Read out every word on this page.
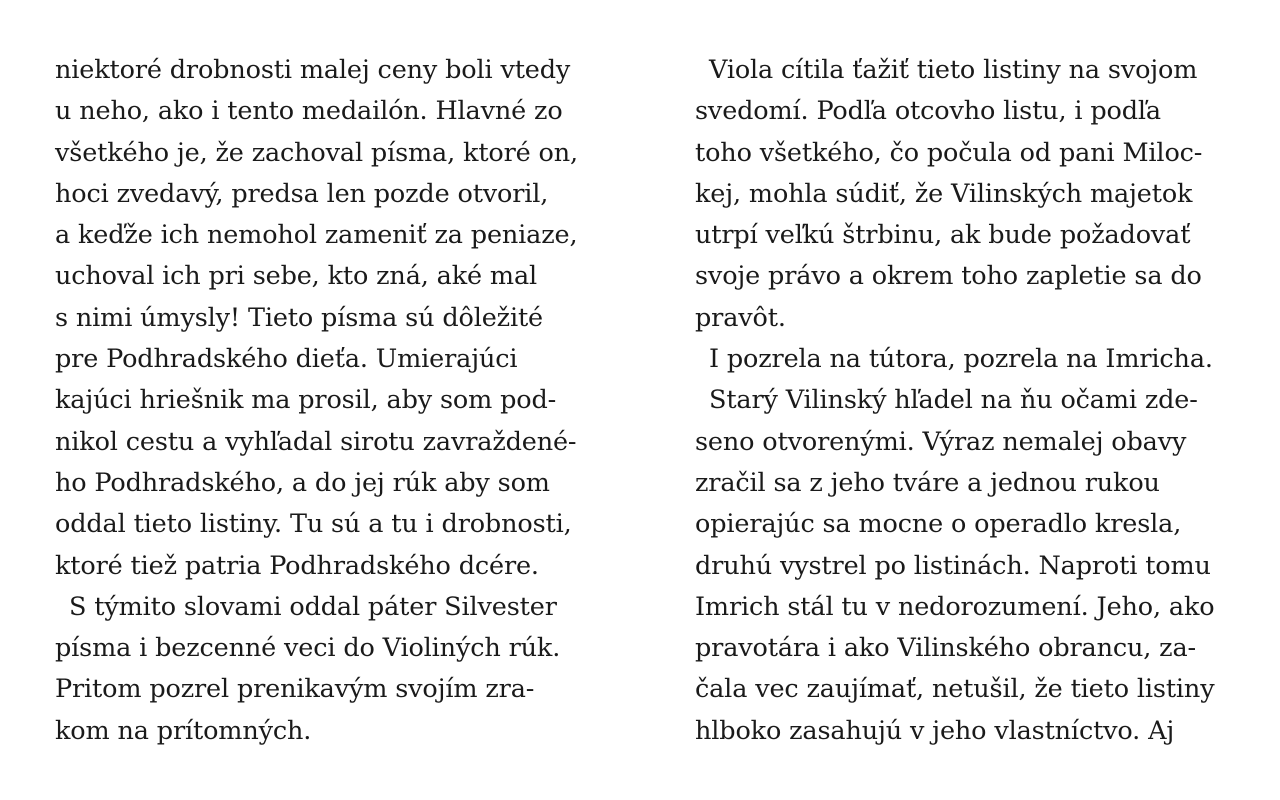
niektoré drobnosti malej ceny boli vtedy
u neho, ako i tento medailón. Hlavné zo
všetkého je, že zachoval písma, ktoré on,
hoci zvedavý, predsa len pozde otvoril,
a keďže ich nemohol zameniť za peniaze,
uchoval ich pri sebe, kto zná, aké mal
s nimi úmysly! Tieto písma sú dôležité
pre Podhradského dieťa. Umierajúci
kajúci hriešnik ma prosil, aby som pod-
nikol cestu a vyhľadal sirotu zavraždené-
ho Podhradského, a do jej rúk aby som
oddal tieto listiny. Tu sú a tu i drobnosti,
ktoré tiež patria Podhradského dcére.
S týmito slovami oddal páter Silvester
písma i bezcenné veci do Violiných rúk.
Pritom pozrel prenikavým svojím zra-
kom na prítomných.
Viola cítila ťažiť tieto listiny na svojom
svedomí. Podľa otcovho listu, i podľa
toho všetkého, čo počula od pani Miloc-
kej, mohla súdiť, že Vilinských majetok
utrpí veľkú štrbinu, ak bude požadovať
svoje právo a okrem toho zapletie sa do
pravôt.
I pozrela na tútora, pozrela na Imricha.
Starý Vilinský hľadel na ňu očami zde-
seno otvorenými. Výraz nemalej obavy
zračil sa z jeho tváre a jednou rukou
opierajúc sa mocne o operadlo kresla,
druhú vystrel po listinách. Naproti tomu
Imrich stál tu v nedorozumení. Jeho, ako
pravotára i ako Vilinského obrancu, za-
čala vec zaujímať, netušil, že tieto listiny
hlboko zasahujú v jeho vlastníctvo. Aj
